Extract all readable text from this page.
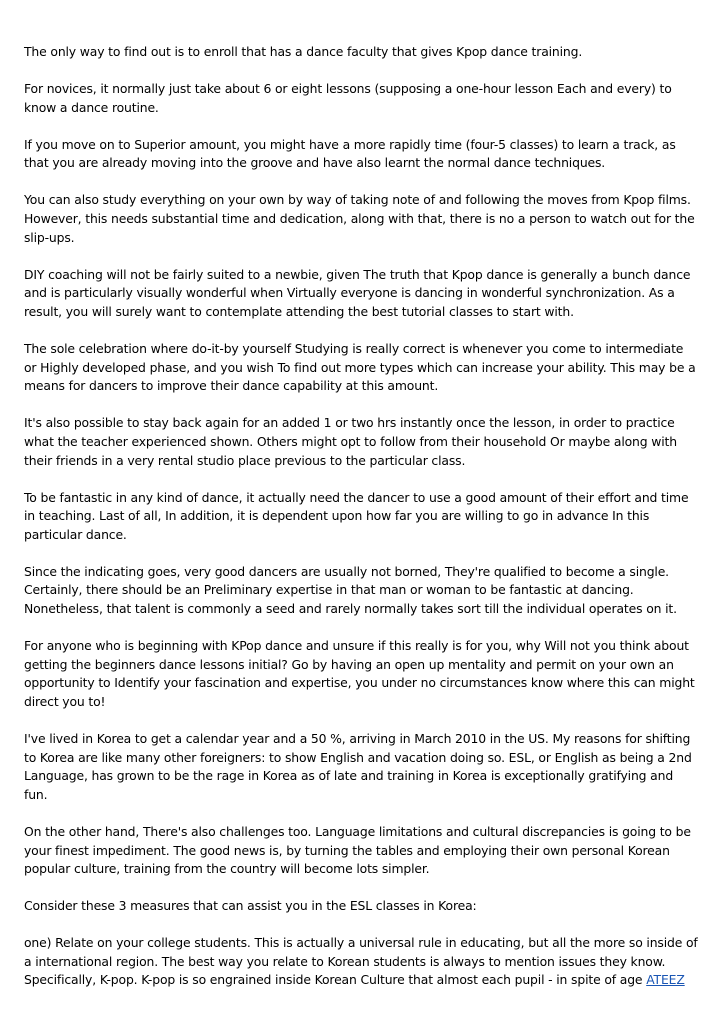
The only way to find out is to enroll that has a dance faculty that gives Kpop dance training.

For novices, it normally just take about 6 or eight lessons (supposing a one-hour lesson Each and every) to know a dance routine.

If you move on to Superior amount, you might have a more rapidly time (four-5 classes) to learn a track, as that you are already moving into the groove and have also learnt the normal dance techniques.

You can also study everything on your own by way of taking note of and following the moves from Kpop films. However, this needs substantial time and dedication, along with that, there is no a person to watch out for the slip-ups.

DIY coaching will not be fairly suited to a newbie, given The truth that Kpop dance is generally a bunch dance and is particularly visually wonderful when Virtually everyone is dancing in wonderful synchronization. As a result, you will surely want to contemplate attending the best tutorial classes to start with.

The sole celebration where do-it-by yourself Studying is really correct is whenever you come to intermediate or Highly developed phase, and you wish To find out more types which can increase your ability. This may be a means for dancers to improve their dance capability at this amount.

It's also possible to stay back again for an added 1 or two hrs instantly once the lesson, in order to practice what the teacher experienced shown. Others might opt to follow from their household Or maybe along with their friends in a very rental studio place previous to the particular class.

To be fantastic in any kind of dance, it actually need the dancer to use a good amount of their effort and time in teaching. Last of all, In addition, it is dependent upon how far you are willing to go in advance In this particular dance.

Since the indicating goes, very good dancers are usually not borned, They're qualified to become a single. Certainly, there should be an Preliminary expertise in that man or woman to be fantastic at dancing. Nonetheless, that talent is commonly a seed and rarely normally takes sort till the individual operates on it.

For anyone who is beginning with KPop dance and unsure if this really is for you, why Will not you think about getting the beginners dance lessons initial? Go by having an open up mentality and permit on your own an opportunity to Identify your fascination and expertise, you under no circumstances know where this can might direct you to!

I've lived in Korea to get a calendar year and a 50 %, arriving in March 2010 in the US. My reasons for shifting to Korea are like many other foreigners: to show English and vacation doing so. ESL, or English as being a 2nd Language, has grown to be the rage in Korea as of late and training in Korea is exceptionally gratifying and fun.

On the other hand, There's also challenges too. Language limitations and cultural discrepancies is going to be your finest impediment. The good news is, by turning the tables and employing their own personal Korean popular culture, training from the country will become lots simpler.

Consider these 3 measures that can assist you in the ESL classes in Korea:

one) Relate on your college students. This is actually a universal rule in educating, but all the more so inside of a international region. The best way you relate to Korean students is always to mention issues they know. Specifically, K-pop. K-pop is so engrained inside Korean Culture that almost each pupil - in spite of age ATEEZ
